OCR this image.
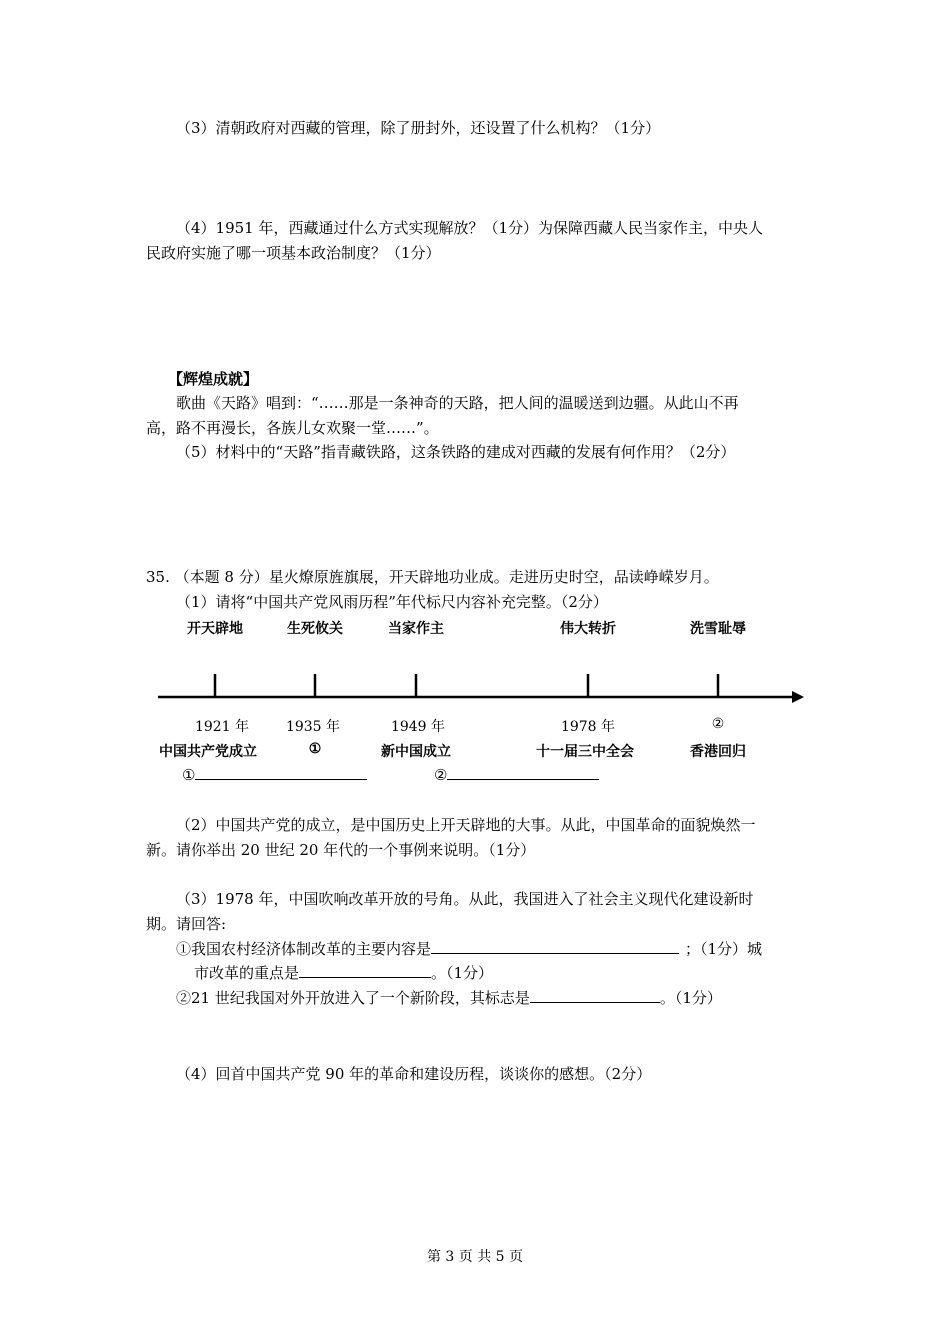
（3）清朝政府对西藏的管理，除了册封外，还设置了什么机构？（1分）
（4）1951 年，西藏通过什么方式实现解放？（1分）为保障西藏人民当家作主，中央人
民政府实施了哪一项基本政治制度？（1分）
【辉煌成就】
歌曲《天路》唱到：“……那是一条神奇的天路，把人间的温暖送到边疆。从此山不再
高，路不再漫长，各族儿女欢聚一堂……”。
（5）材料中的“天路”指青藏铁路，这条铁路的建成对西藏的发展有何作用？（2分）
35. （本题 8 分）星火燎原旌旗展，开天辟地功业成。走进历史时空，品读峥嵘岁月。
（1）请将“中国共产党风雨历程”年代标尺内容补充完整。（2分）
开天辟地	生死攸关	当家作主	伟大转折	洗雪耻辱
1921 年	1935 年	1949 年	1978 年	②
中国共产党成立	①	新中国成立	十一届三中全会	香港回归
①	②
（2）中国共产党的成立，是中国历史上开天辟地的大事。从此，中国革命的面貌焕然一
新。请你举出 20 世纪 20 年代的一个事例来说明。（1分）
（3）1978 年，中国吹响改革开放的号角。从此，我国进入了社会主义现代化建设新时
期。请回答:
①我国农村经济体制改革的主要内容是	；（1分）城
市改革的重点是	。（1分）
②21 世纪我国对外开放进入了一个新阶段，其标志是	。（1分）
（4）回首中国共产党 90 年的革命和建设历程，谈谈你的感想。（2分）
第 3 页 共 5 页
